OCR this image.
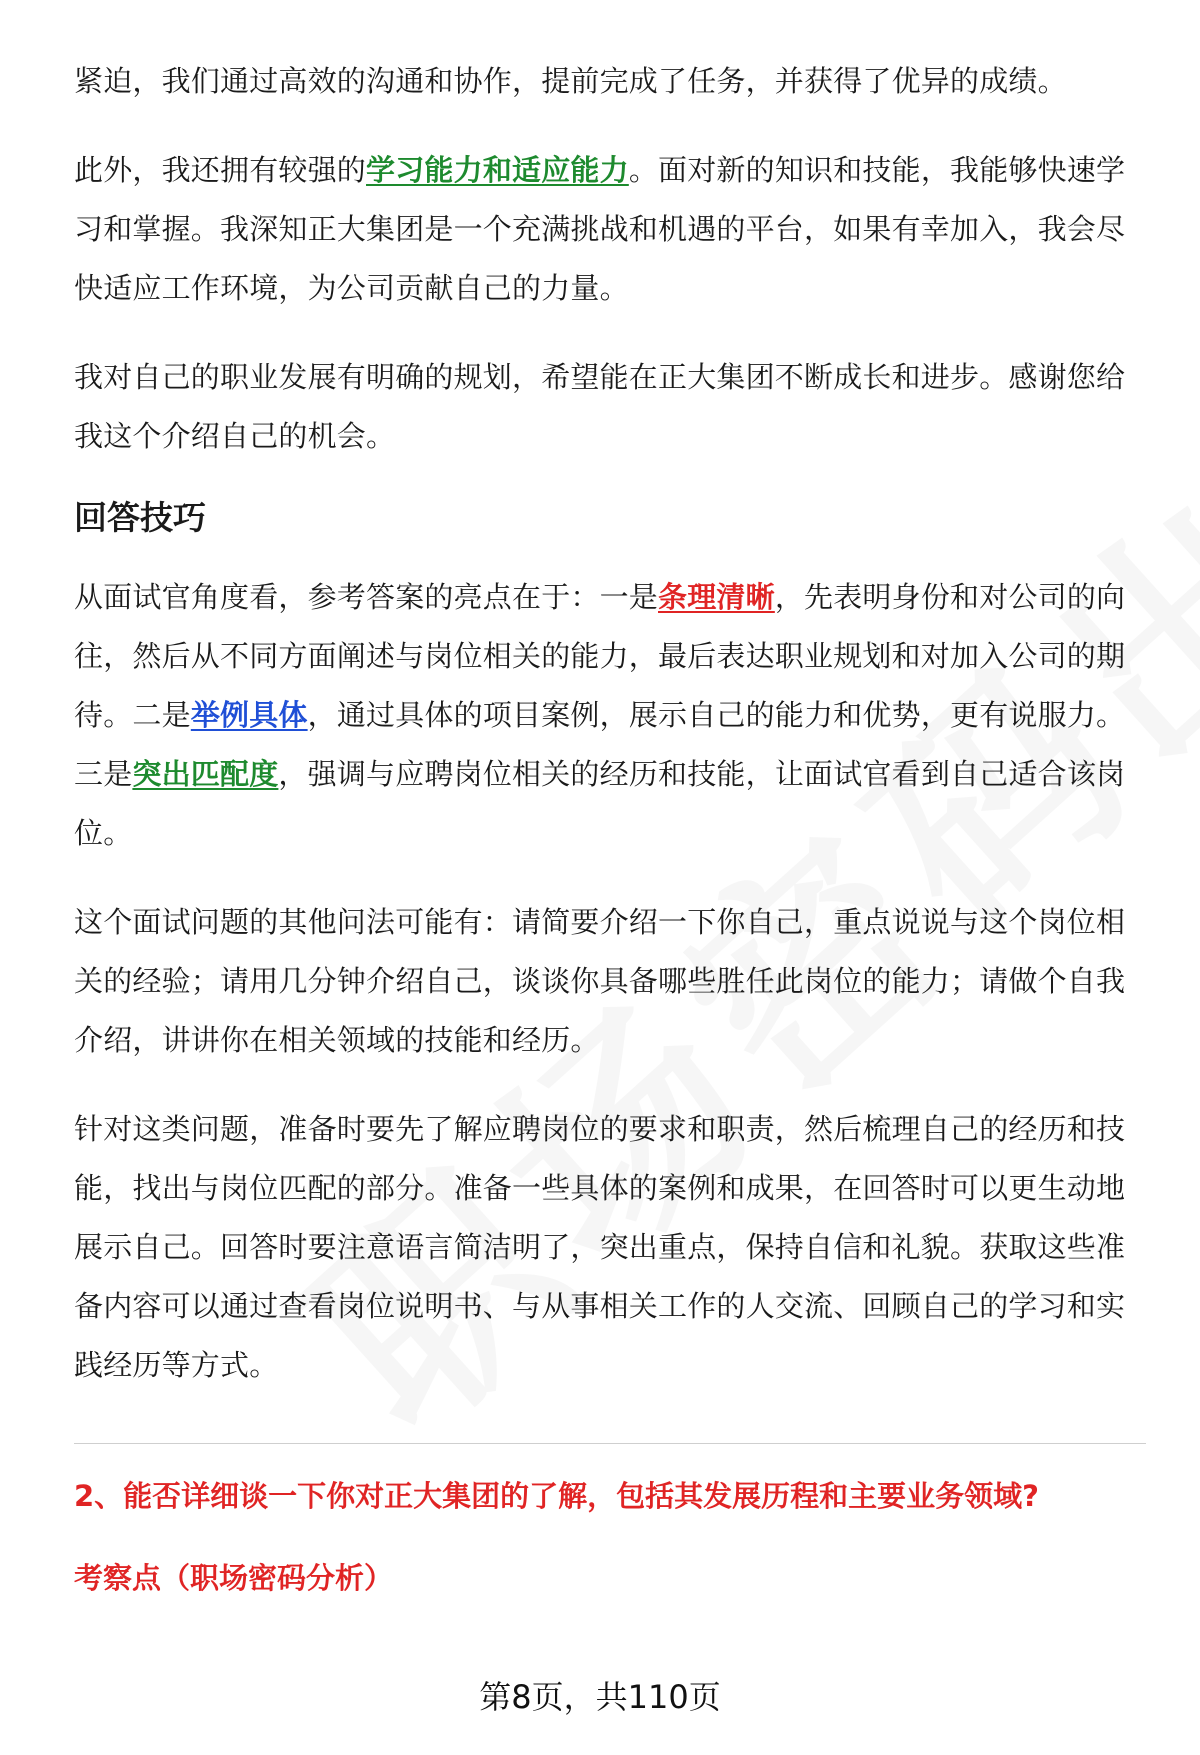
紧迫，我们通过高效的沟通和协作，提前完成了任务，并获得了优异的成绩。

此外，我还拥有较强的学习能力和适应能力。面对新的知识和技能，我能够快速学习和掌握。我深知正大集团是一个充满挑战和机遇的平台，如果有幸加入，我会尽快适应工作环境，为公司贡献自己的力量。

我对自己的职业发展有明确的规划，希望能在正大集团不断成长和进步。感谢您给我这个介绍自己的机会。

回答技巧

从面试官角度看，参考答案的亮点在于：一是条理清晰，先表明身份和对公司的向往，然后从不同方面阐述与岗位相关的能力，最后表达职业规划和对加入公司的期待。二是举例具体，通过具体的项目案例，展示自己的能力和优势，更有说服力。三是突出匹配度，强调与应聘岗位相关的经历和技能，让面试官看到自己适合该岗位。

这个面试问题的其他问法可能有：请简要介绍一下你自己，重点说说与这个岗位相关的经验；请用几分钟介绍自己，谈谈你具备哪些胜任此岗位的能力；请做个自我介绍，讲讲你在相关领域的技能和经历。

针对这类问题，准备时要先了解应聘岗位的要求和职责，然后梳理自己的经历和技能，找出与岗位匹配的部分。准备一些具体的案例和成果，在回答时可以更生动地展示自己。回答时要注意语言简洁明了，突出重点，保持自信和礼貌。获取这些准备内容可以通过查看岗位说明书、与从事相关工作的人交流、回顾自己的学习和实践经历等方式。

2、能否详细谈一下你对正大集团的了解，包括其发展历程和主要业务领域?
考察点（职场密码分析）
第8页，共110页
